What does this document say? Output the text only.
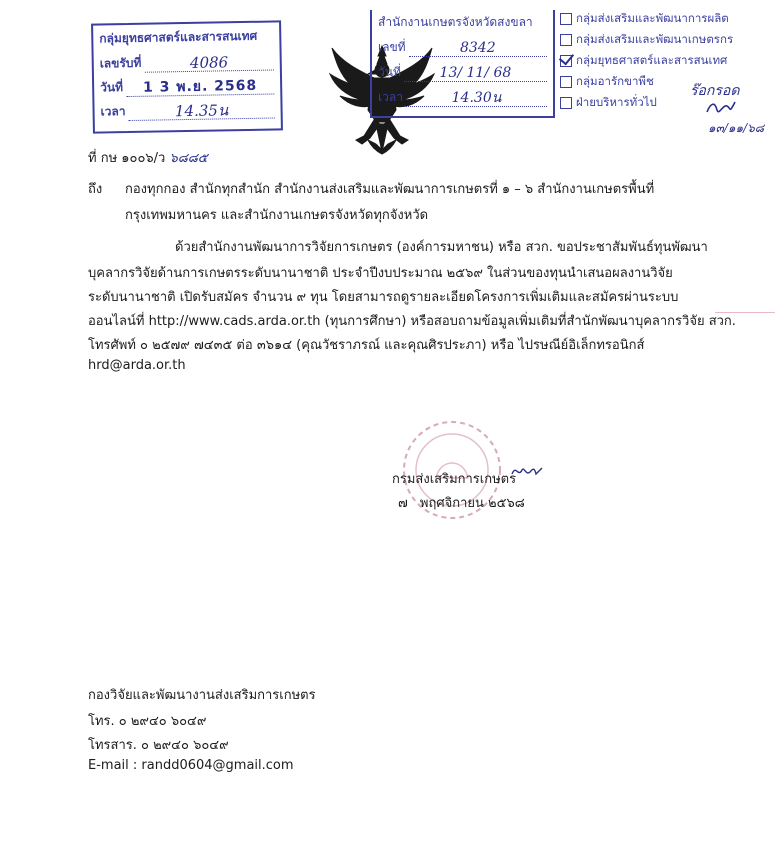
กลุ่มยุทธศาสตร์และสารสนเทศ
เลขรับที่	4086
วันที่	1 3 พ.ย. 2568
เวลา	14.35น
สำนักงานเกษตรจังหวัดสงขลา
เลขที่	8342
วันที่	13/ 11/ 68
เวลา	14.30น
กลุ่มส่งเสริมและพัฒนาการผลิต
กลุ่มส่งเสริมและพัฒนาเกษตรกร
กลุ่มยุทธศาสตร์และสารสนเทศ
กลุ่มอารักขาพืช
ฝ่ายบริหารทั่วไป
ร๊อกรอด
๑๓/๑๑/๖๘
ที่ กษ ๑๐๐๖/ว ๖๘๘๕
ถึง กองทุกกอง สำนักทุกสำนัก สำนักงานส่งเสริมและพัฒนาการเกษตรที่ ๑ – ๖ สำนักงานเกษตรพื้นที่
กรุงเทพมหานคร และสำนักงานเกษตรจังหวัดทุกจังหวัด
ด้วยสำนักงานพัฒนาการวิจัยการเกษตร (องค์การมหาชน) หรือ สวก. ขอประชาสัมพันธ์ทุนพัฒนา
บุคลากรวิจัยด้านการเกษตรระดับนานาชาติ ประจำปีงบประมาณ ๒๕๖๙ ในส่วนของทุนนำเสนอผลงานวิจัย
ระดับนานาชาติ เปิดรับสมัคร จำนวน ๙ ทุน โดยสามารถดูรายละเอียดโครงการเพิ่มเติมและสมัครผ่านระบบ
ออนไลน์ที่ http://www.cads.arda.or.th (ทุนการศึกษา) หรือสอบถามข้อมูลเพิ่มเติมที่สำนักพัฒนาบุคลากรวิจัย สวก.
โทรศัพท์ ๐ ๒๕๗๙ ๗๔๓๕ ต่อ ๓๖๑๔ (คุณวัชราภรณ์ และคุณศิรประภา) หรือ ไปรษณีย์อิเล็กทรอนิกส์
hrd@arda.or.th
กรมส่งเสริมการเกษตร
๗ พฤศจิกายน ๒๕๖๘
กองวิจัยและพัฒนางานส่งเสริมการเกษตร
โทร. ๐ ๒๙๔๐ ๖๐๔๙
โทรสาร. ๐ ๒๙๔๐ ๖๐๔๙
E-mail : randd0604@gmail.com
